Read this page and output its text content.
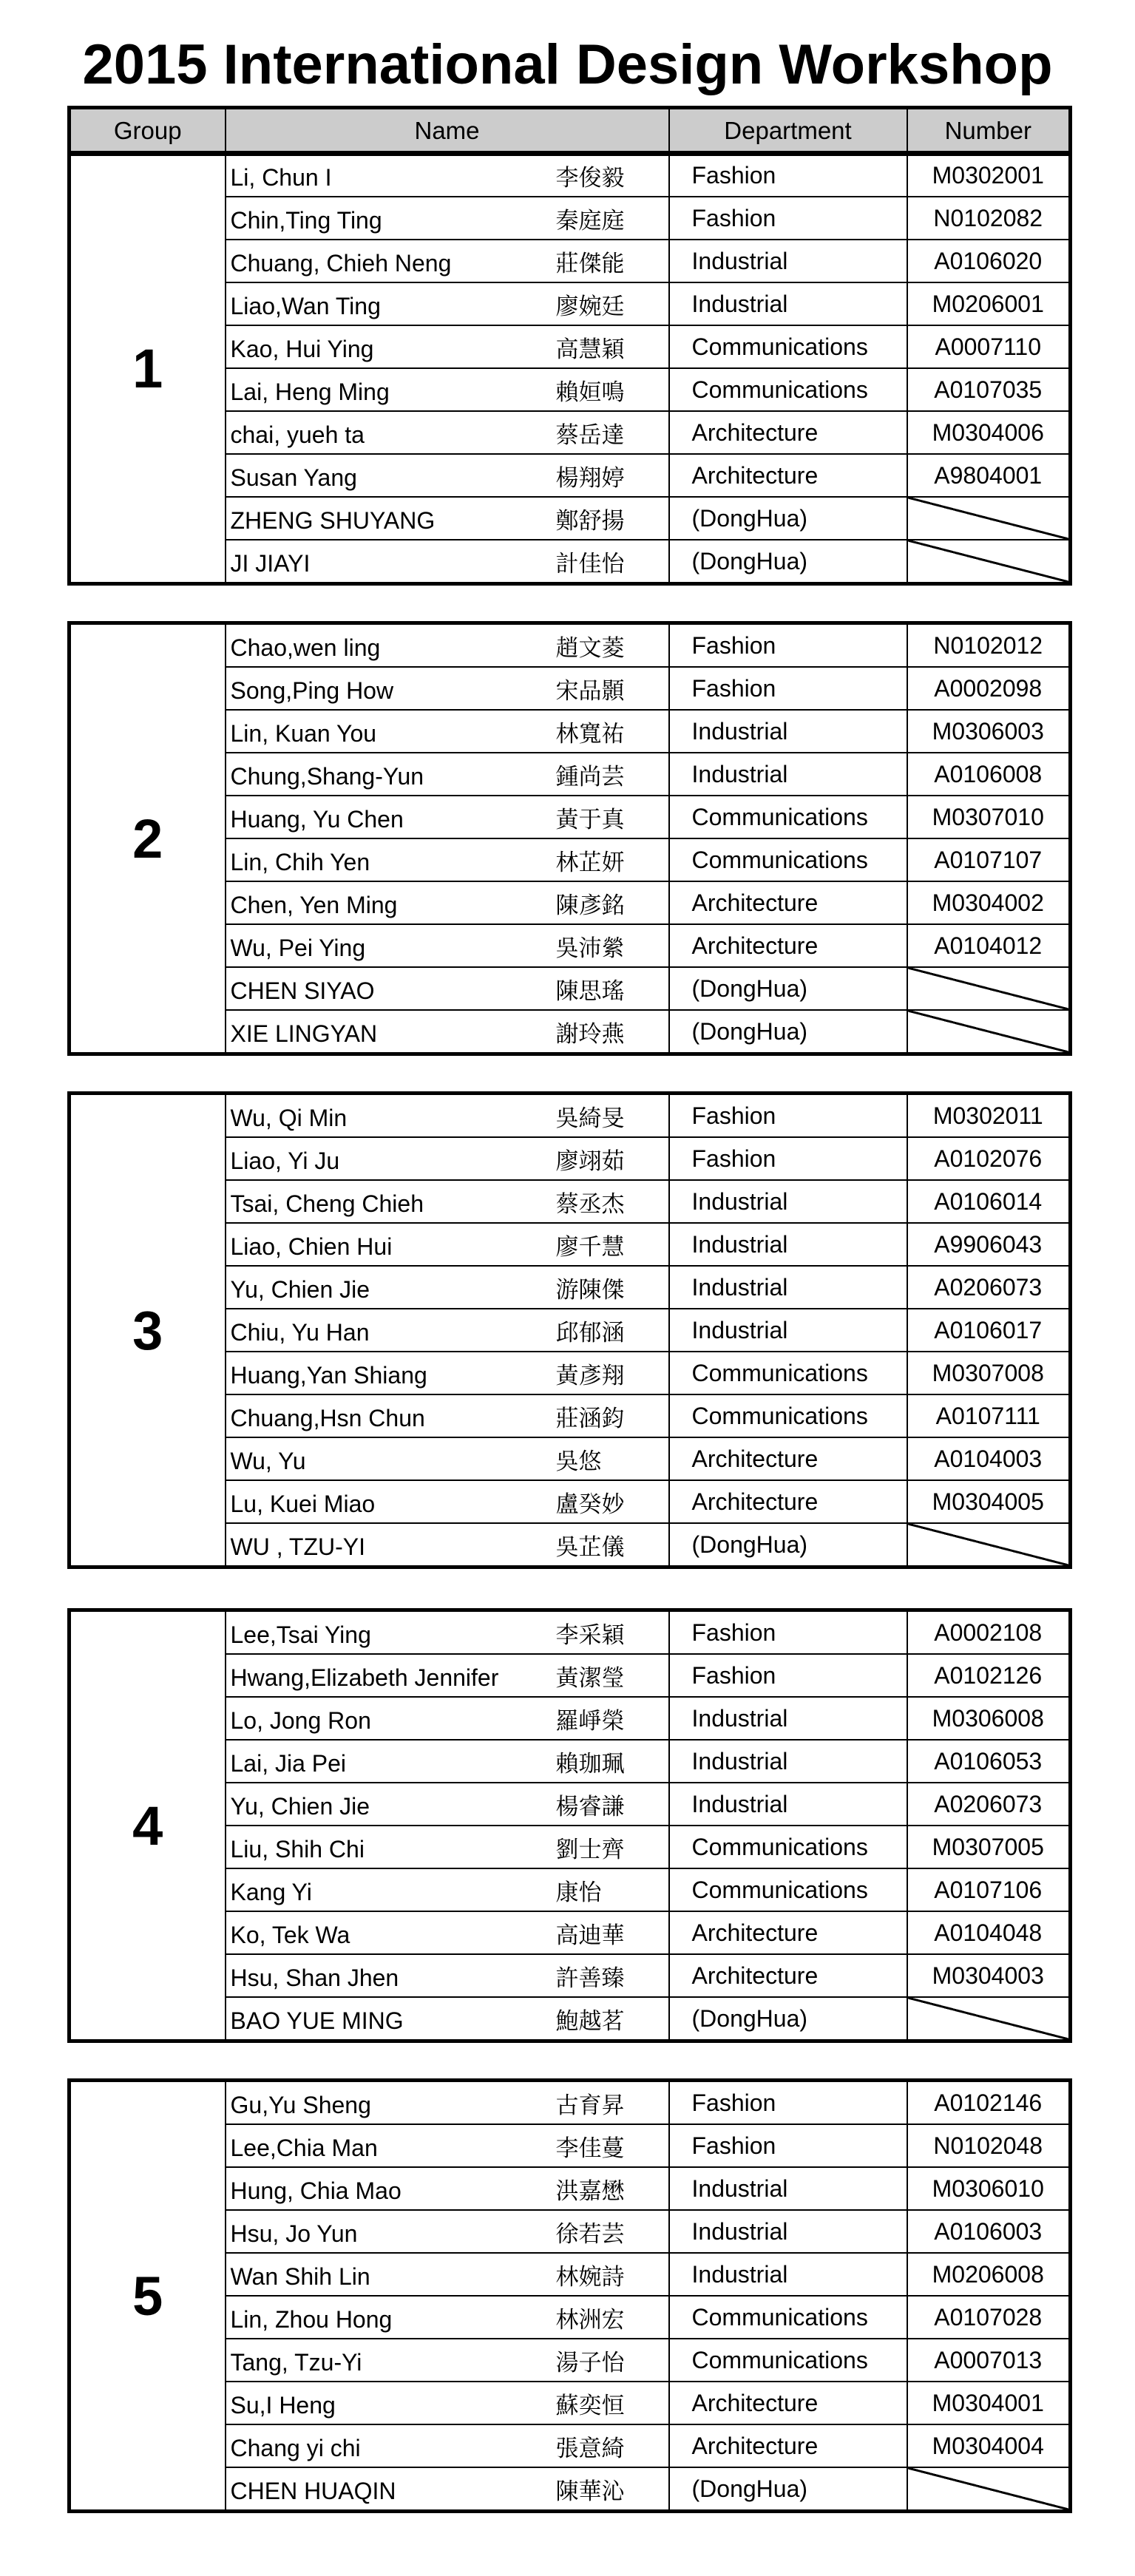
2015 International Design Workshop
Group	Name	Department	Number
1	Li, Chun I 李俊毅	Fashion	M0302001
	Chin,Ting Ting 秦庭庭	Fashion	N0102082
	Chuang, Chieh Neng 莊傑能	Industrial	A0106020
	Liao,Wan Ting 廖婉廷	Industrial	M0206001
	Kao, Hui Ying 高慧穎	Communications	A0007110
	Lai, Heng Ming 賴姮鳴	Communications	A0107035
	chai, yueh ta 蔡岳達	Architecture	M0304006
	Susan Yang 楊翔婷	Architecture	A9804001
	ZHENG SHUYANG 鄭舒揚	(DongHua)	
	JI JIAYI 計佳怡	(DongHua)	
2	Chao,wen ling 趙文菱	Fashion	N0102012
	Song,Ping How 宋品顥	Fashion	A0002098
	Lin, Kuan You 林寬祐	Industrial	M0306003
	Chung,Shang-Yun 鍾尚芸	Industrial	A0106008
	Huang, Yu Chen 黃于真	Communications	M0307010
	Lin, Chih Yen 林芷妍	Communications	A0107107
	Chen, Yen Ming 陳彥銘	Architecture	M0304002
	Wu, Pei Ying 吳沛縈	Architecture	A0104012
	CHEN SIYAO 陳思瑤	(DongHua)	
	XIE LINGYAN 謝玲燕	(DongHua)	
3	Wu, Qi Min 吳綺旻	Fashion	M0302011
	Liao, Yi Ju 廖翊茹	Fashion	A0102076
	Tsai, Cheng Chieh 蔡丞杰	Industrial	A0106014
	Liao, Chien Hui 廖千慧	Industrial	A9906043
	Yu, Chien Jie 游陳傑	Industrial	A0206073
	Chiu, Yu Han 邱郁涵	Industrial	A0106017
	Huang,Yan Shiang 黃彥翔	Communications	M0307008
	Chuang,Hsn Chun 莊涵鈞	Communications	A0107111
	Wu, Yu 吳悠	Architecture	A0104003
	Lu, Kuei Miao 盧癸妙	Architecture	M0304005
	WU , TZU-YI 吳芷儀	(DongHua)	
4	Lee,Tsai Ying 李采穎	Fashion	A0002108
	Hwang,Elizabeth Jennifer 黃潔瑩	Fashion	A0102126
	Lo, Jong Ron 羅崢榮	Industrial	M0306008
	Lai, Jia Pei 賴珈珮	Industrial	A0106053
	Yu, Chien Jie 楊睿謙	Industrial	A0206073
	Liu, Shih Chi 劉士齊	Communications	M0307005
	Kang Yi 康怡	Communications	A0107106
	Ko, Tek Wa 高迪華	Architecture	A0104048
	Hsu, Shan Jhen 許善臻	Architecture	M0304003
	BAO YUE MING 鮑越茗	(DongHua)	
5	Gu,Yu Sheng 古育昇	Fashion	A0102146
	Lee,Chia Man 李佳蔓	Fashion	N0102048
	Hung, Chia Mao 洪嘉懋	Industrial	M0306010
	Hsu, Jo Yun 徐若芸	Industrial	A0106003
	Wan Shih Lin 林婉詩	Industrial	M0206008
	Lin, Zhou Hong 林洲宏	Communications	A0107028
	Tang, Tzu-Yi 湯子怡	Communications	A0007013
	Su,I Heng 蘇奕恒	Architecture	M0304001
	Chang yi chi 張意綺	Architecture	M0304004
	CHEN HUAQIN 陳華沁	(DongHua)	
